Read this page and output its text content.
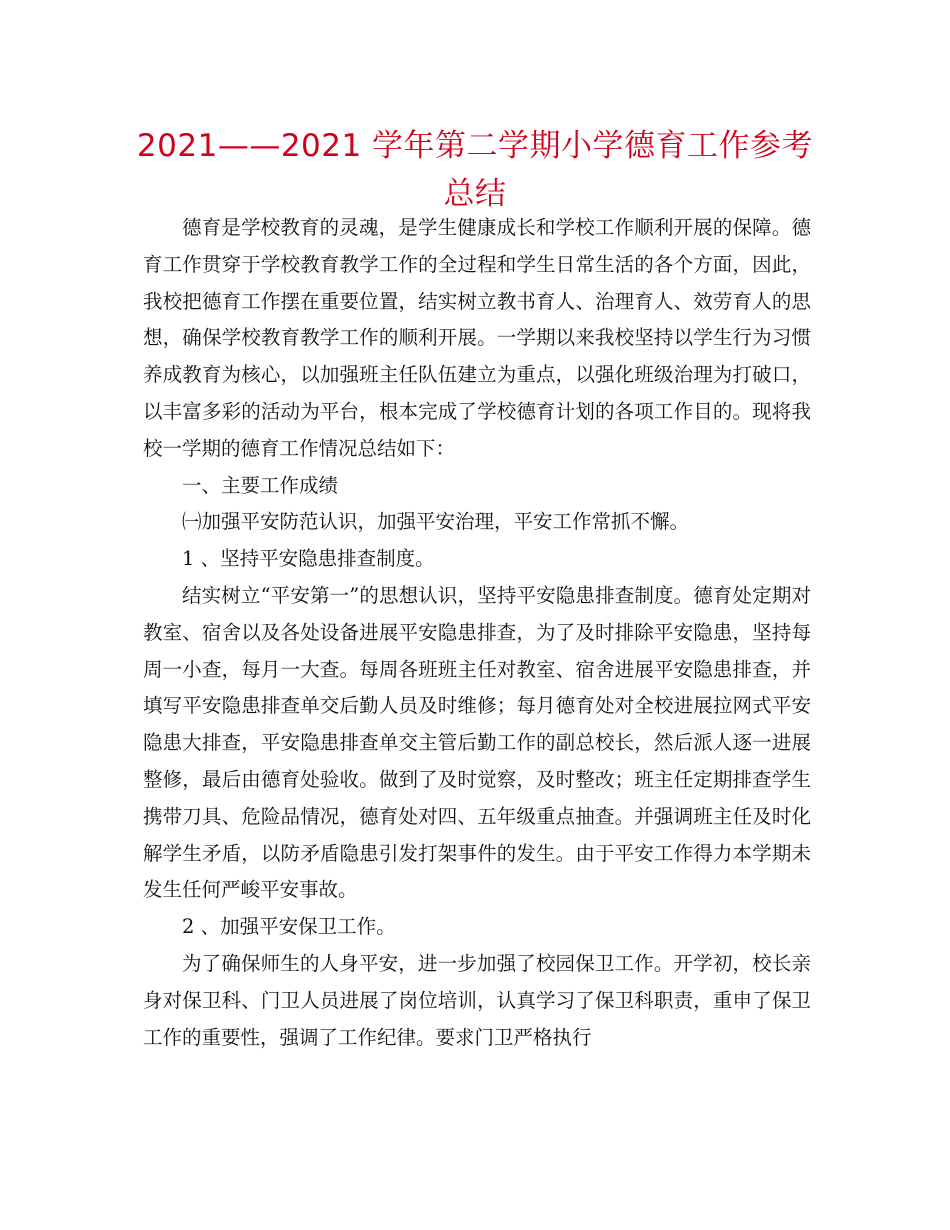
2021——2021 学年第二学期小学德育工作参考
总结

德育是学校教育的灵魂，是学生健康成长和学校工作顺利开展的保障。德育工作贯穿于学校教育教学工作的全过程和学生日常生活的各个方面，因此，我校把德育工作摆在重要位置，结实树立教书育人、治理育人、效劳育人的思想，确保学校教育教学工作的顺利开展。一学期以来我校坚持以学生行为习惯养成教育为核心，以加强班主任队伍建立为重点，以强化班级治理为打破口，以丰富多彩的活动为平台，根本完成了学校德育计划的各项工作目的。现将我校一学期的德育工作情况总结如下：

一、主要工作成绩

㈠加强平安防范认识，加强平安治理，平安工作常抓不懈。

1 、坚持平安隐患排查制度。

结实树立“平安第一”的思想认识，坚持平安隐患排查制度。德育处定期对教室、宿舍以及各处设备进展平安隐患排查，为了及时排除平安隐患，坚持每周一小查，每月一大查。每周各班班主任对教室、宿舍进展平安隐患排查，并填写平安隐患排查单交后勤人员及时维修；每月德育处对全校进展拉网式平安隐患大排查，平安隐患排查单交主管后勤工作的副总校长，然后派人逐一进展整修，最后由德育处验收。做到了及时觉察，及时整改；班主任定期排查学生携带刀具、危险品情况，德育处对四、五年级重点抽查。并强调班主任及时化解学生矛盾，以防矛盾隐患引发打架事件的发生。由于平安工作得力本学期未发生任何严峻平安事故。

2 、加强平安保卫工作。

为了确保师生的人身平安，进一步加强了校园保卫工作。开学初，校长亲身对保卫科、门卫人员进展了岗位培训，认真学习了保卫科职责，重申了保卫工作的重要性，强调了工作纪律。要求门卫严格执行
